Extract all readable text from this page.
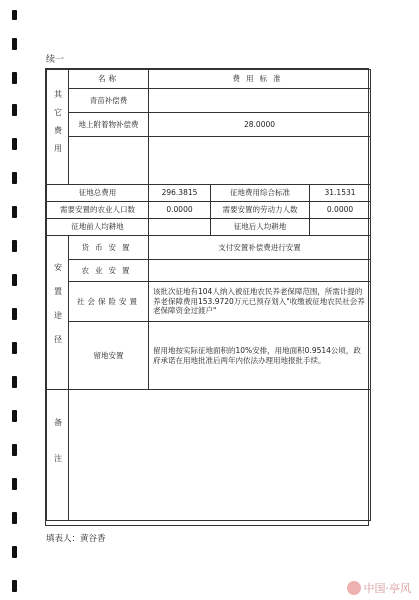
续一
其它费用	名称	费用标准		
	青苗补偿费			
	地上附着物补偿费	28.0000		

征地总费用		296.3815	征地费用综合标准	31.1531
需要安置的农业人口数		0.0000	需要安置的劳动力人数	0.0000
征地前人均耕地			征地后人均耕地	
安置途径	货币安置	支付安置补偿费进行安置		
	农业安置			
	社会保险安置	该批次征地有104人纳入被征地农民养老保障范围，所需计提的养老保障费用153.9720万元已预存划入"收缴被征地农民社会养老保障资金过渡户"		
	留地安置	留用地按实际征地面积的10%安排，用地面积0.9514公顷，政府承诺在用地批准后两年内依法办理用地报批手续。		
备注				
填表人：黄谷香
中国·亭风
